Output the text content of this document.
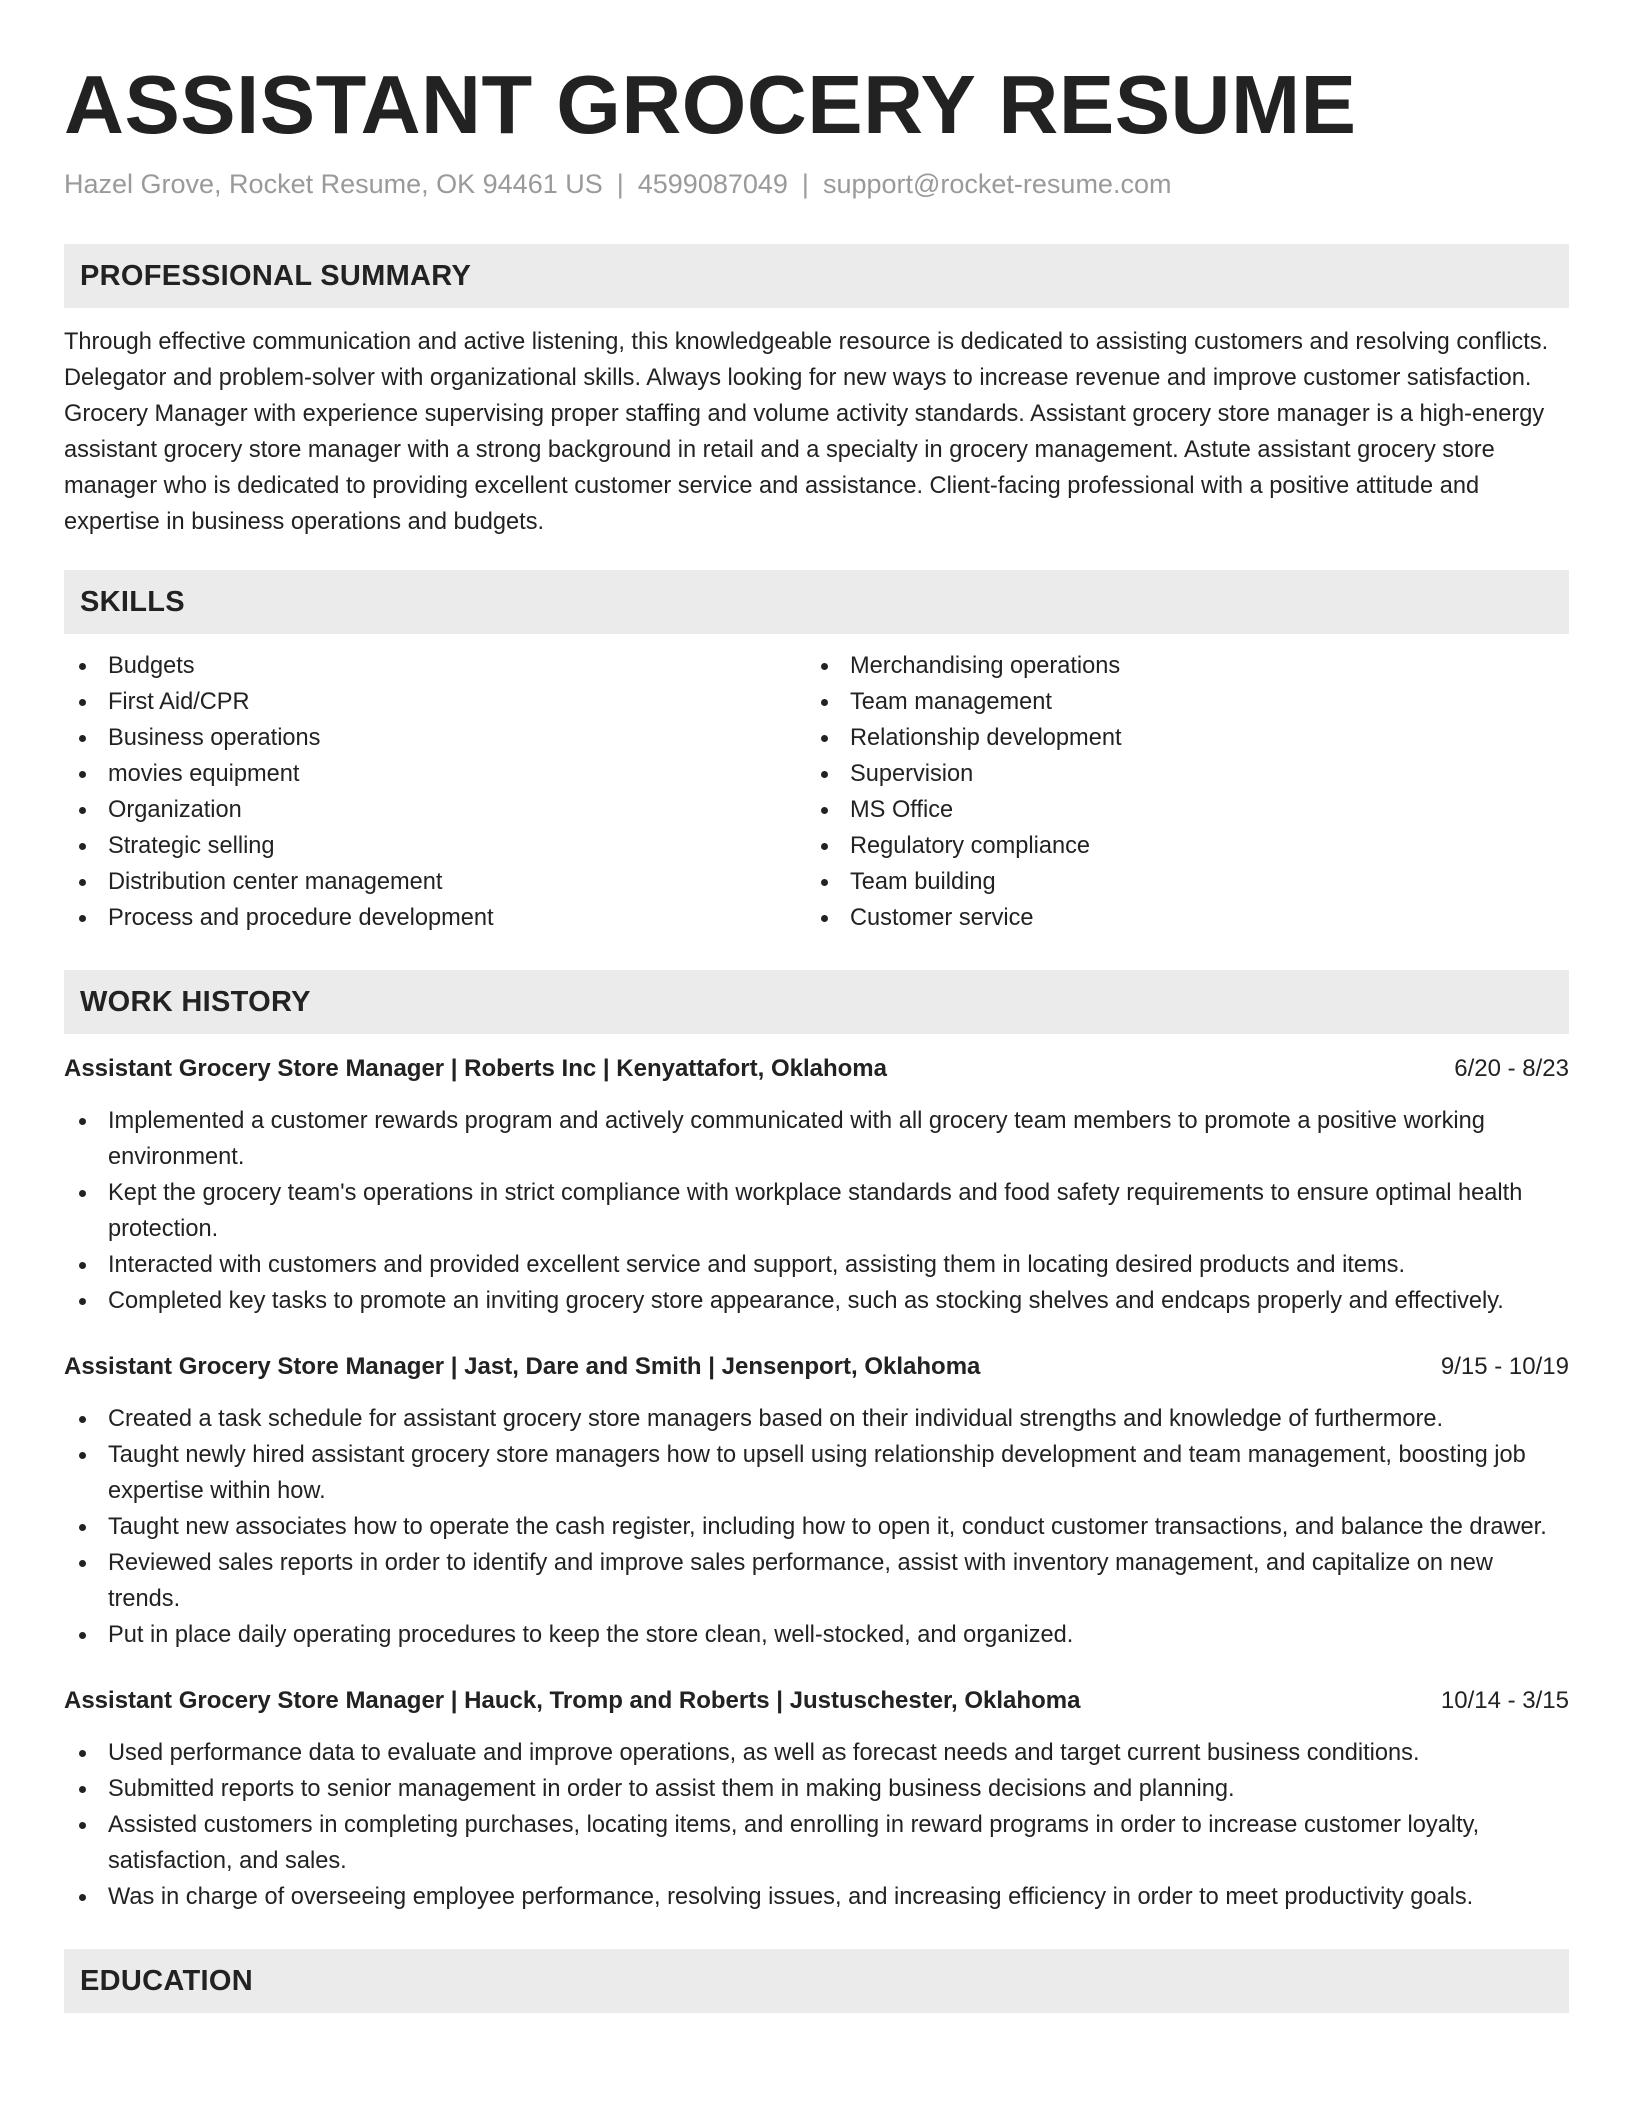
ASSISTANT GROCERY RESUME
Hazel Grove, Rocket Resume, OK 94461 US | 4599087049 | support@rocket-resume.com
PROFESSIONAL SUMMARY

Through effective communication and active listening, this knowledgeable resource is dedicated to assisting customers and resolving conflicts. Delegator and problem-solver with organizational skills. Always looking for new ways to increase revenue and improve customer satisfaction. Grocery Manager with experience supervising proper staffing and volume activity standards. Assistant grocery store manager is a high-energy assistant grocery store manager with a strong background in retail and a specialty in grocery management. Astute assistant grocery store manager who is dedicated to providing excellent customer service and assistance. Client-facing professional with a positive attitude and expertise in business operations and budgets.

SKILLS
Budgets
First Aid/CPR
Business operations
movies equipment
Organization
Strategic selling
Distribution center management
Process and procedure development
Merchandising operations
Team management
Relationship development
Supervision
MS Office
Regulatory compliance
Team building
Customer service
WORK HISTORY
Assistant Grocery Store Manager | Roberts Inc | Kenyattafort, Oklahoma	6/20 - 8/23
Implemented a customer rewards program and actively communicated with all grocery team members to promote a positive working environment.
Kept the grocery team's operations in strict compliance with workplace standards and food safety requirements to ensure optimal health protection.
Interacted with customers and provided excellent service and support, assisting them in locating desired products and items.
Completed key tasks to promote an inviting grocery store appearance, such as stocking shelves and endcaps properly and effectively.
Assistant Grocery Store Manager | Jast, Dare and Smith | Jensenport, Oklahoma	9/15 - 10/19
Created a task schedule for assistant grocery store managers based on their individual strengths and knowledge of furthermore.
Taught newly hired assistant grocery store managers how to upsell using relationship development and team management, boosting job expertise within how.
Taught new associates how to operate the cash register, including how to open it, conduct customer transactions, and balance the drawer.
Reviewed sales reports in order to identify and improve sales performance, assist with inventory management, and capitalize on new trends.
Put in place daily operating procedures to keep the store clean, well-stocked, and organized.
Assistant Grocery Store Manager | Hauck, Tromp and Roberts | Justuschester, Oklahoma	10/14 - 3/15
Used performance data to evaluate and improve operations, as well as forecast needs and target current business conditions.
Submitted reports to senior management in order to assist them in making business decisions and planning.
Assisted customers in completing purchases, locating items, and enrolling in reward programs in order to increase customer loyalty, satisfaction, and sales.
Was in charge of overseeing employee performance, resolving issues, and increasing efficiency in order to meet productivity goals.
EDUCATION
